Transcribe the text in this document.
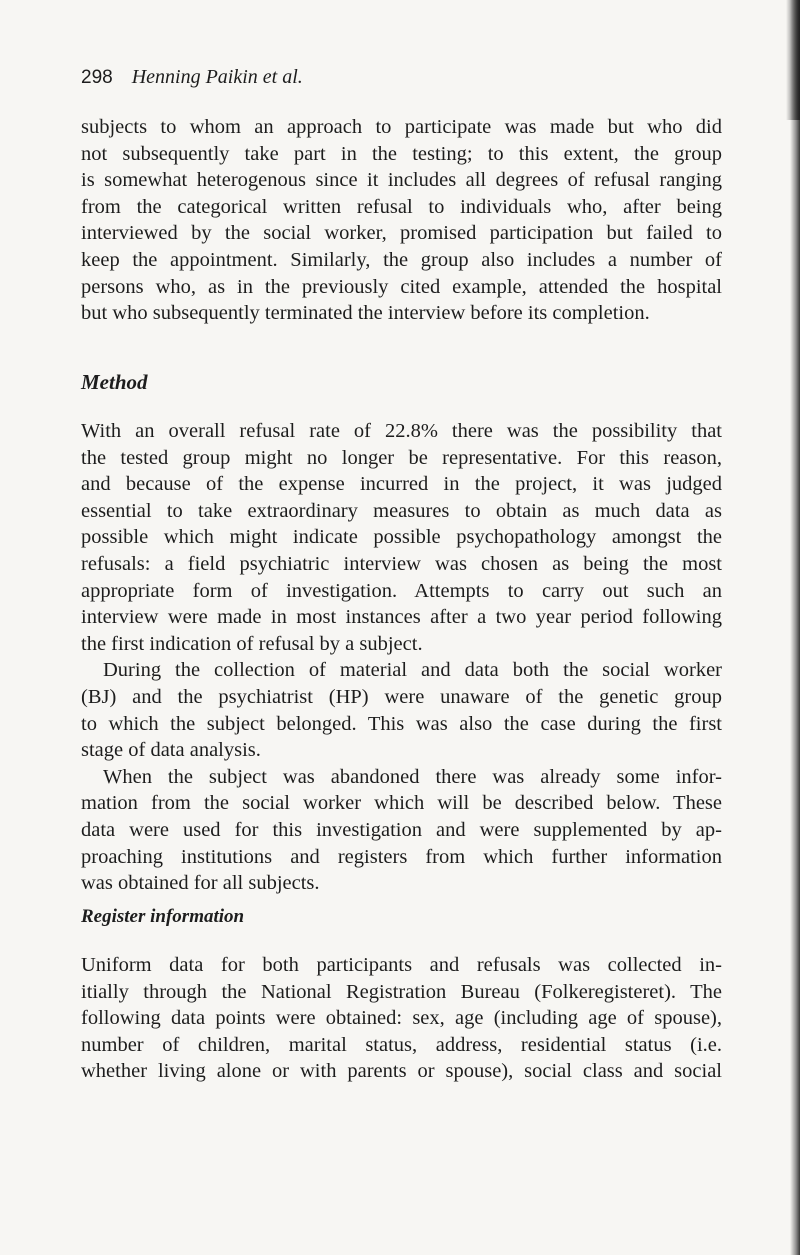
298 Henning Paikin et al.
subjects to whom an approach to participate was made but who did
not subsequently take part in the testing; to this extent, the group
is somewhat heterogenous since it includes all degrees of refusal ranging
from the categorical written refusal to individuals who, after being
interviewed by the social worker, promised participation but failed to
keep the appointment. Similarly, the group also includes a number of
persons who, as in the previously cited example, attended the hospital
but who subsequently terminated the interview before its completion.
Method
With an overall refusal rate of 22.8% there was the possibility that
the tested group might no longer be representative. For this reason,
and because of the expense incurred in the project, it was judged
essential to take extraordinary measures to obtain as much data as
possible which might indicate possible psychopathology amongst the
refusals: a field psychiatric interview was chosen as being the most
appropriate form of investigation. Attempts to carry out such an
interview were made in most instances after a two year period following
the first indication of refusal by a subject.
During the collection of material and data both the social worker
(BJ) and the psychiatrist (HP) were unaware of the genetic group
to which the subject belonged. This was also the case during the first
stage of data analysis.
When the subject was abandoned there was already some infor-
mation from the social worker which will be described below. These
data were used for this investigation and were supplemented by ap-
proaching institutions and registers from which further information
was obtained for all subjects.
Register information
Uniform data for both participants and refusals was collected in-
itially through the National Registration Bureau (Folkeregisteret). The
following data points were obtained: sex, age (including age of spouse),
number of children, marital status, address, residential status (i.e.
whether living alone or with parents or spouse), social class and social
